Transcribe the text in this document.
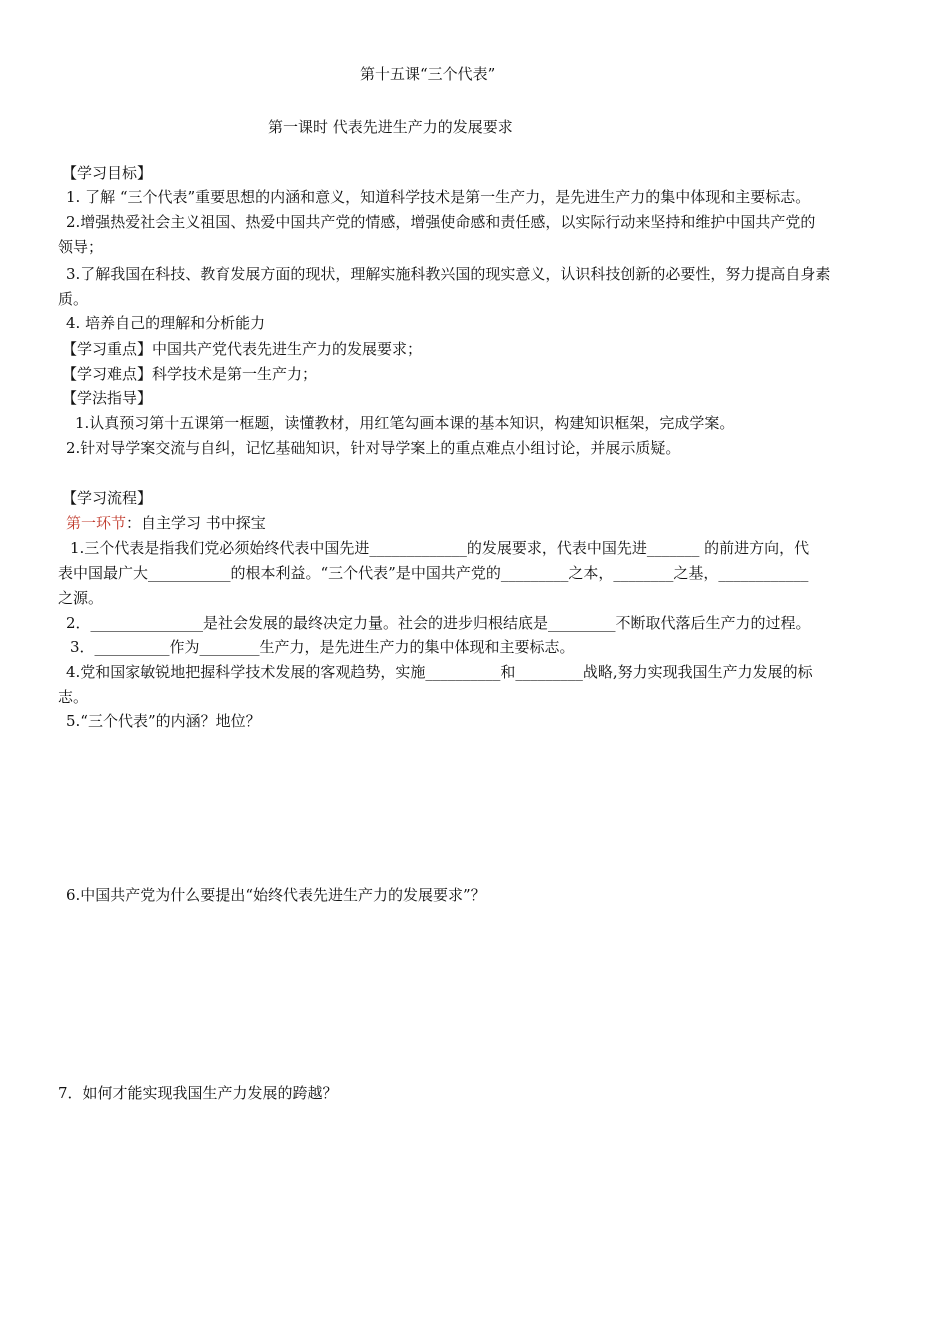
第十五课“三个代表”
第一课时 代表先进生产力的发展要求
【学习目标】
1. 了解 “三个代表”重要思想的内涵和意义，知道科学技术是第一生产力，是先进生产力的集中体现和主要标志。
2.增强热爱社会主义祖国、热爱中国共产党的情感，增强使命感和责任感，以实际行动来坚持和维护中国共产党的
领导；
3.了解我国在科技、教育发展方面的现状，理解实施科教兴国的现实意义，认识科技创新的必要性，努力提高自身素
质。
4. 培养自己的理解和分析能力
【学习重点】中国共产党代表先进生产力的发展要求；
【学习难点】科学技术是第一生产力；
【学法指导】
1.认真预习第十五课第一框题，读懂教材，用红笔勾画本课的基本知识，构建知识框架，完成学案。
2.针对导学案交流与自纠，记忆基础知识，针对导学案上的重点难点小组讨论，并展示质疑。
【学习流程】
第一环节：自主学习 书中探宝
1.三个代表是指我们党必须始终代表中国先进_____________的发展要求，代表中国先进_______ 的前进方向，代
表中国最广大___________的根本利益。“三个代表”是中国共产党的_________之本，________之基，____________
之源。
2．_______________是社会发展的最终决定力量。社会的进步归根结底是_________不断取代落后生产力的过程。
3．__________作为________生产力，是先进生产力的集中体现和主要标志。
4.党和国家敏锐地把握科学技术发展的客观趋势，实施__________和_________战略,努力实现我国生产力发展的标
志。
5.“三个代表”的内涵？地位？
6.中国共产党为什么要提出“始终代表先进生产力的发展要求”？
7．如何才能实现我国生产力发展的跨越？
